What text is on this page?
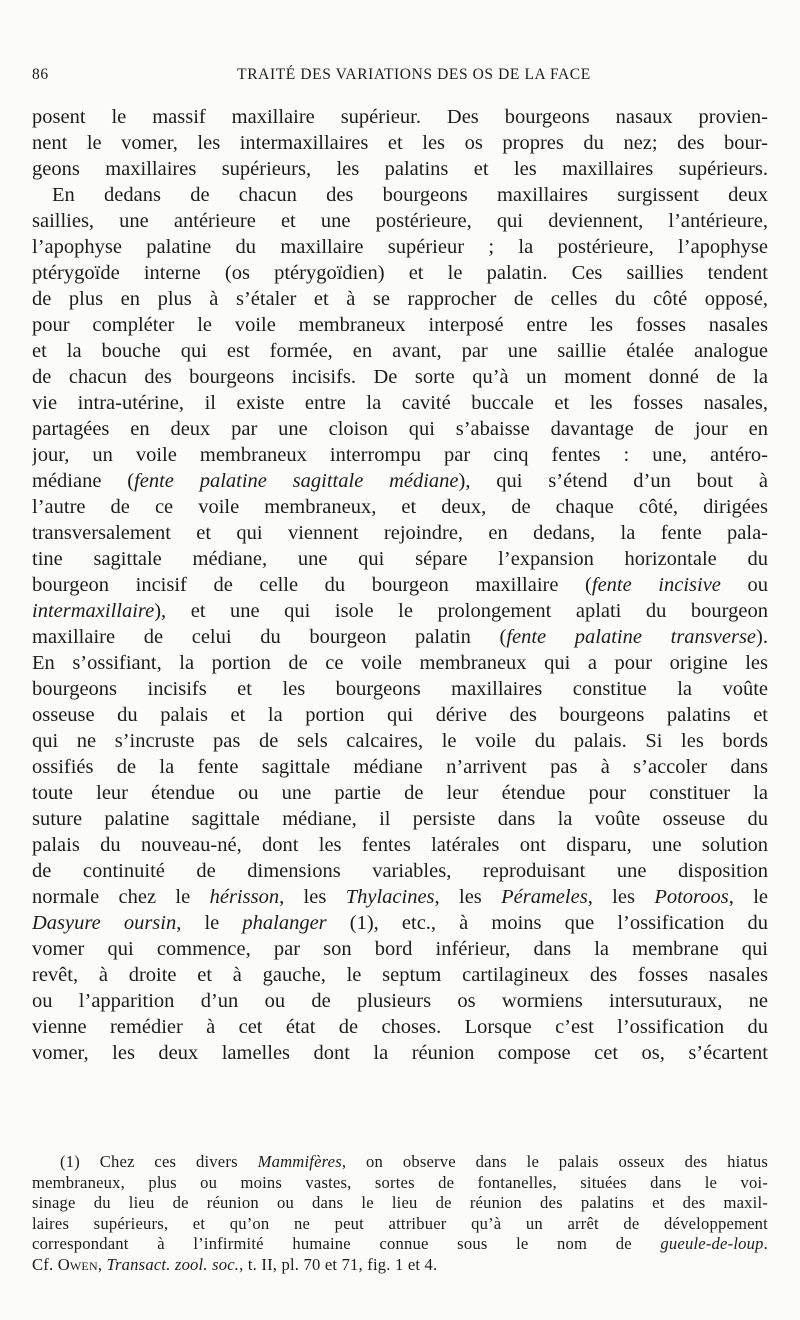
86	TRAITÉ DES VARIATIONS DES OS DE LA FACE
posent le massif maxillaire supérieur. Des bourgeons nasaux provien-
nent le vomer, les intermaxillaires et les os propres du nez; des bour-
geons maxillaires supérieurs, les palatins et les maxillaires supérieurs.
En dedans de chacun des bourgeons maxillaires surgissent deux
saillies, une antérieure et une postérieure, qui deviennent, l’antérieure,
l’apophyse palatine du maxillaire supérieur ; la postérieure, l’apophyse
ptérygoïde interne (os ptérygoïdien) et le palatin. Ces saillies tendent
de plus en plus à s’étaler et à se rapprocher de celles du côté opposé,
pour compléter le voile membraneux interposé entre les fosses nasales
et la bouche qui est formée, en avant, par une saillie étalée analogue
de chacun des bourgeons incisifs. De sorte qu’à un moment donné de la
vie intra-utérine, il existe entre la cavité buccale et les fosses nasales,
partagées en deux par une cloison qui s’abaisse davantage de jour en
jour, un voile membraneux interrompu par cinq fentes : une, antéro-
médiane (fente palatine sagittale médiane), qui s’étend d’un bout à
l’autre de ce voile membraneux, et deux, de chaque côté, dirigées
transversalement et qui viennent rejoindre, en dedans, la fente pala-
tine sagittale médiane, une qui sépare l’expansion horizontale du
bourgeon incisif de celle du bourgeon maxillaire (fente incisive ou
intermaxillaire), et une qui isole le prolongement aplati du bourgeon
maxillaire de celui du bourgeon palatin (fente palatine transverse).
En s’ossifiant, la portion de ce voile membraneux qui a pour origine les
bourgeons incisifs et les bourgeons maxillaires constitue la voûte
osseuse du palais et la portion qui dérive des bourgeons palatins et
qui ne s’incruste pas de sels calcaires, le voile du palais. Si les bords
ossifiés de la fente sagittale médiane n’arrivent pas à s’accoler dans
toute leur étendue ou une partie de leur étendue pour constituer la
suture palatine sagittale médiane, il persiste dans la voûte osseuse du
palais du nouveau-né, dont les fentes latérales ont disparu, une solution
de continuité de dimensions variables, reproduisant une disposition
normale chez le hérisson, les Thylacines, les Pérameles, les Potoroos, le
Dasyure oursin, le phalanger (1), etc., à moins que l’ossification du
vomer qui commence, par son bord inférieur, dans la membrane qui
revêt, à droite et à gauche, le septum cartilagineux des fosses nasales
ou l’apparition d’un ou de plusieurs os wormiens intersuturaux, ne
vienne remédier à cet état de choses. Lorsque c’est l’ossification du
vomer, les deux lamelles dont la réunion compose cet os, s’écartent
(1) Chez ces divers Mammifères, on observe dans le palais osseux des hiatus
membraneux, plus ou moins vastes, sortes de fontanelles, situées dans le voi-
sinage du lieu de réunion ou dans le lieu de réunion des palatins et des maxil-
laires supérieurs, et qu’on ne peut attribuer qu’à un arrêt de développement
correspondant à l’infirmité humaine connue sous le nom de gueule-de-loup.
Cf. Owen, Transact. zool. soc., t. II, pl. 70 et 71, fig. 1 et 4.
